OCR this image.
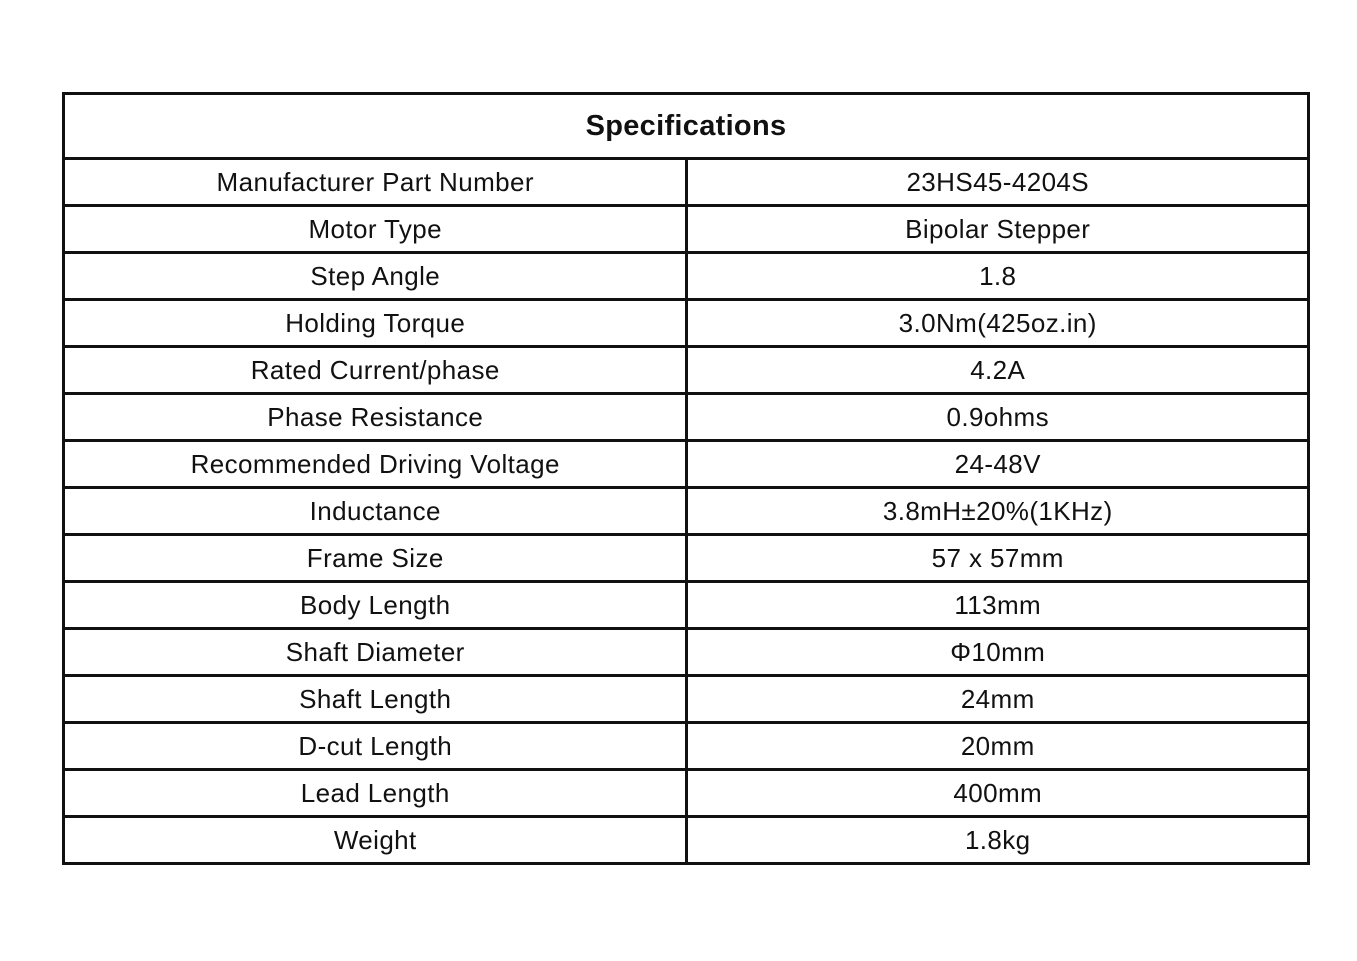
Specifications	
Manufacturer Part Number	23HS45-4204S
Motor Type	Bipolar Stepper
Step Angle	1.8
Holding Torque	3.0Nm(425oz.in)
Rated Current/phase	4.2A
Phase Resistance	0.9ohms
Recommended Driving Voltage	24-48V
Inductance	3.8mH±20%(1KHz)
Frame Size	57 x 57mm
Body Length	113mm
Shaft Diameter	Φ10mm
Shaft Length	24mm
D-cut Length	20mm
Lead Length	400mm
Weight	1.8kg
